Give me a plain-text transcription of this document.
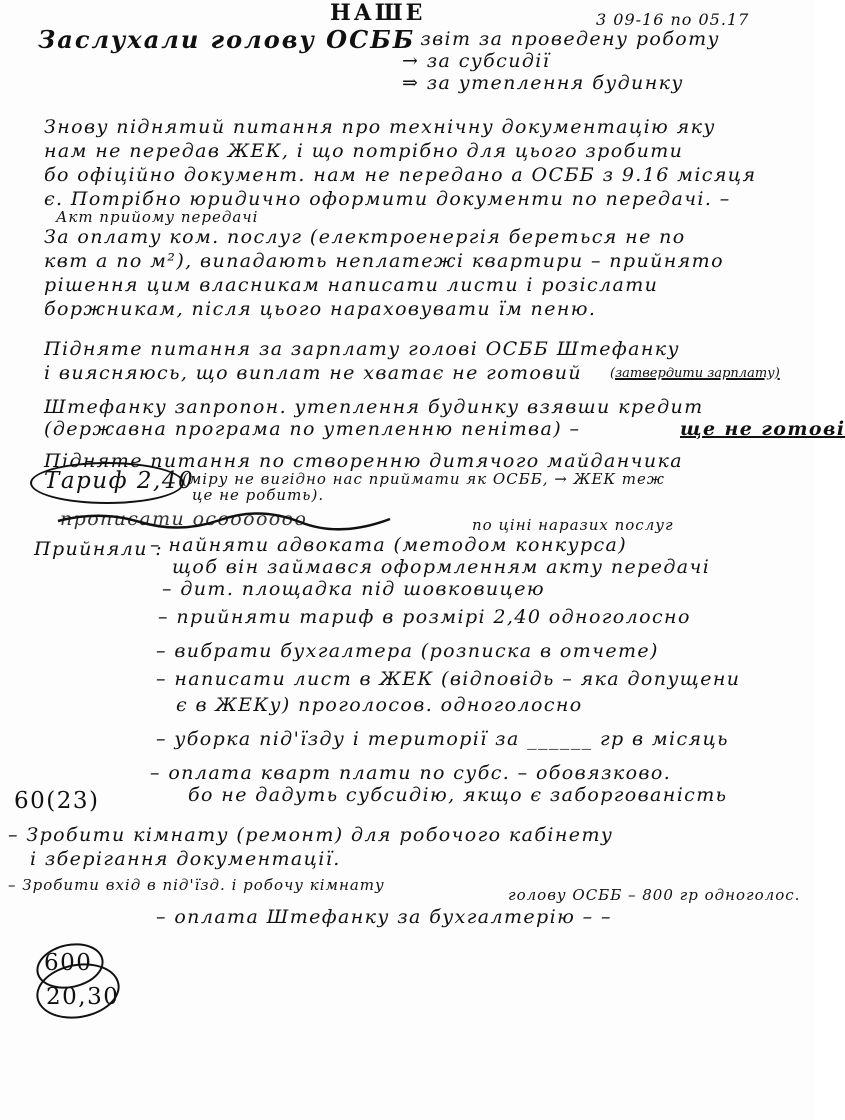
НАШЕ	3 09-16 по 05.17
Заслухали голову ОСББ
– звіт за проведену роботу
→ за субсидії
⇒ за утеплення будинку
Знову піднятий питання про технічну документацію яку
нам не передав ЖЕК, і що потрібно для цього зробити
бо офіційно документ. нам не передано а ОСББ з 9.16 місяця
є. Потрібно юридично оформити документи по передачі. –
Акт прийому передачі
За оплату ком. послуг (електроенергія береться не по
квт а по м²), випадають неплатежі квартири – прийнято
рішення цим власникам написати листи і розіслати
боржникам, після цього нараховувати їм пеню.
Підняте питання за зарплату голові ОСББ Штефанку
і виясняюсь, що виплат не хватає не готовий (затвердити зарплату)
Штефанку запропон. утеплення будинку взявши кредит
(державна програма по утепленню пенітва) –	ще не готові
Підняте питання по створенню дитячого майданчика
Тариф 2,40
(міру не вигідно нас приймати як ОСББ, → ЖЕК теж
це не робить).
прописати ocooooooo	по ціні наразих послуг
Прийняли :
– найняти адвоката (методом конкурса)
щоб він займався оформленням акту передачі
– дит. площадка під шовковицею
– прийняти тариф в розмірі 2,40 одноголосно
– вибрати бухгалтера (розписка в отчете)
– написати лист в ЖЕК (відповідь – яка допущени
є в ЖЕКу) проголосов. одноголосно
– уборка під'їзду і території за ______ гр в місяць
– оплата кварт плати по субс. – обовязково.
бо не дадуть субсидію, якщо є заборгованість
60(23)
– Зробити кімнату (ремонт) для робочого кабінету
і зберігання документації.
– Зробити вхід в під'їзд. і робочу кімнату
голову ОСББ – 800 гр одноголос.
– оплата Штефанку за бухгалтерію – –
600
20,30
